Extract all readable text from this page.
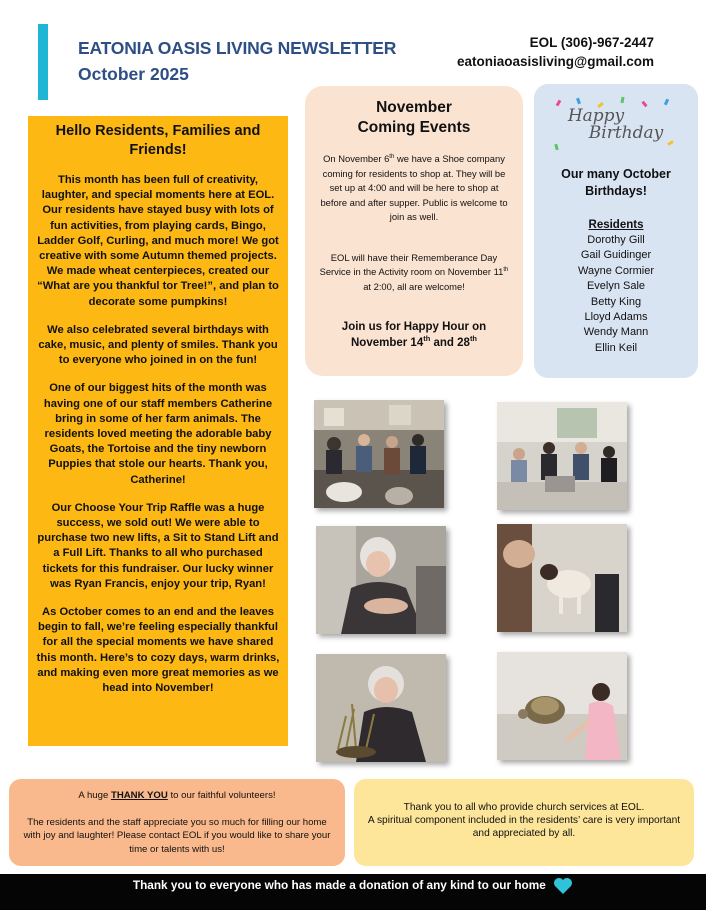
EATONIA OASIS LIVING NEWSLETTER
October 2025
EOL (306)-967-2447
eatoniaoasisliving@gmail.com
Hello Residents, Families and Friends!

This month has been full of creativity, laughter, and special moments here at EOL. Our residents have stayed busy with lots of fun activities, from playing cards, Bingo, Ladder Golf, Curling, and much more! We got creative with some Autumn themed projects. We made wheat centerpieces, created our “What are you thankful tor Tree!”, and plan to decorate some pumpkins!

We also celebrated several birthdays with cake, music, and plenty of smiles. Thank you to everyone who joined in on the fun!

One of our biggest hits of the month was having one of our staff members Catherine bring in some of her farm animals. The residents loved meeting the adorable baby Goats, the Tortoise and the tiny newborn Puppies that stole our hearts. Thank you, Catherine!

Our Choose Your Trip Raffle was a huge success, we sold out! We were able to purchase two new lifts, a Sit to Stand Lift and a Full Lift. Thanks to all who purchased tickets for this fundraiser. Our lucky winner was Ryan Francis, enjoy your trip, Ryan!

As October comes to an end and the leaves begin to fall, we’re feeling especially thankful for all the special moments we have shared this month. Here’s to cozy days, warm drinks, and making even more great memories as we head into November!

November
Coming Events
On November 6th we have a Shoe company coming for residents to shop at. They will be set up at 4:00 and will be here to shop at before and after supper. Public is welcome to join as well.
EOL will have their Rememberance Day Service in the Activity room on November 11th at 2:00, all are welcome!
Join us for Happy Hour on
November 14th and 28th
Happy
Birthday
Our many October Birthdays!
Residents
Dorothy Gill
Gail Guidinger
Wayne Cormier
Evelyn Sale
Betty King
Lloyd Adams
Wendy Mann
Ellin Keil
A huge THANK YOU to our faithful volunteers!
The residents and the staff appreciate you so much for filling our home with joy and laughter! Please contact EOL if you would like to share your time or talents with us!
Thank you to all who provide church services at EOL.
A spiritual component included in the residents’ care is very important and appreciated by all.
Thank you to everyone who has made a donation of any kind to our home
